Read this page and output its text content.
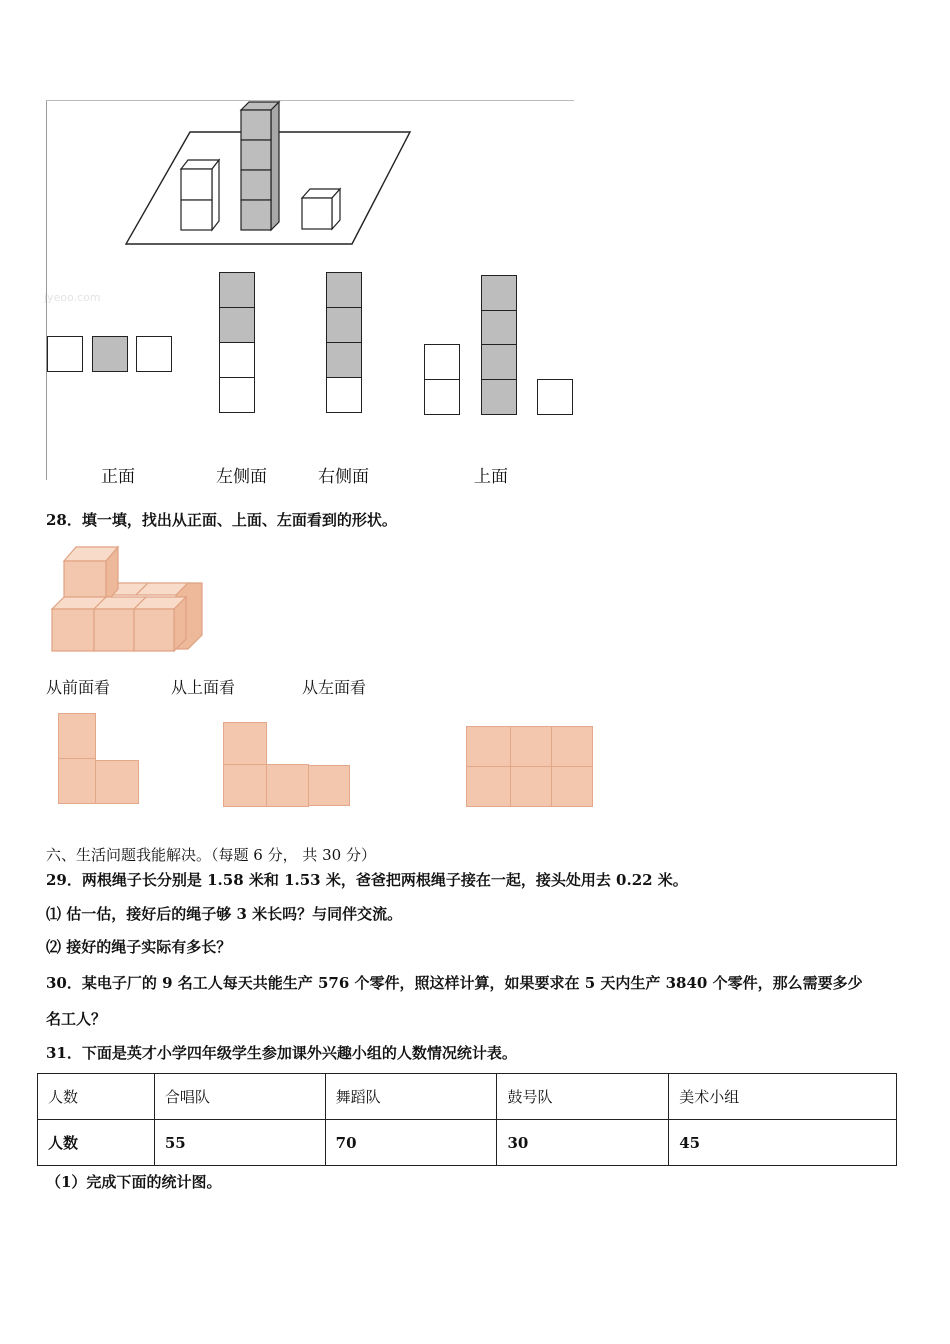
jyeoo.com
正面	左侧面	右侧面	上面
28．填一填，找出从正面、上面、左面看到的形状。
从前面看	从上面看	从左面看
六、生活问题我能解决。（每题 6 分， 共 30 分）
29．两根绳子长分别是 1.58 米和 1.53 米，爸爸把两根绳子接在一起，接头处用去 0.22 米。
⑴ 估一估，接好后的绳子够 3 米长吗？与同伴交流。
⑵ 接好的绳子实际有多长？
30．某电子厂的 9 名工人每天共能生产 576 个零件，照这样计算，如果要求在 5 天内生产 3840 个零件，那么需要多少
名工人？
31．下面是英才小学四年级学生参加课外兴趣小组的人数情况统计表。
人数	合唱队	舞蹈队	鼓号队	美术小组
人数	55	70	30	45
（1）完成下面的统计图。
